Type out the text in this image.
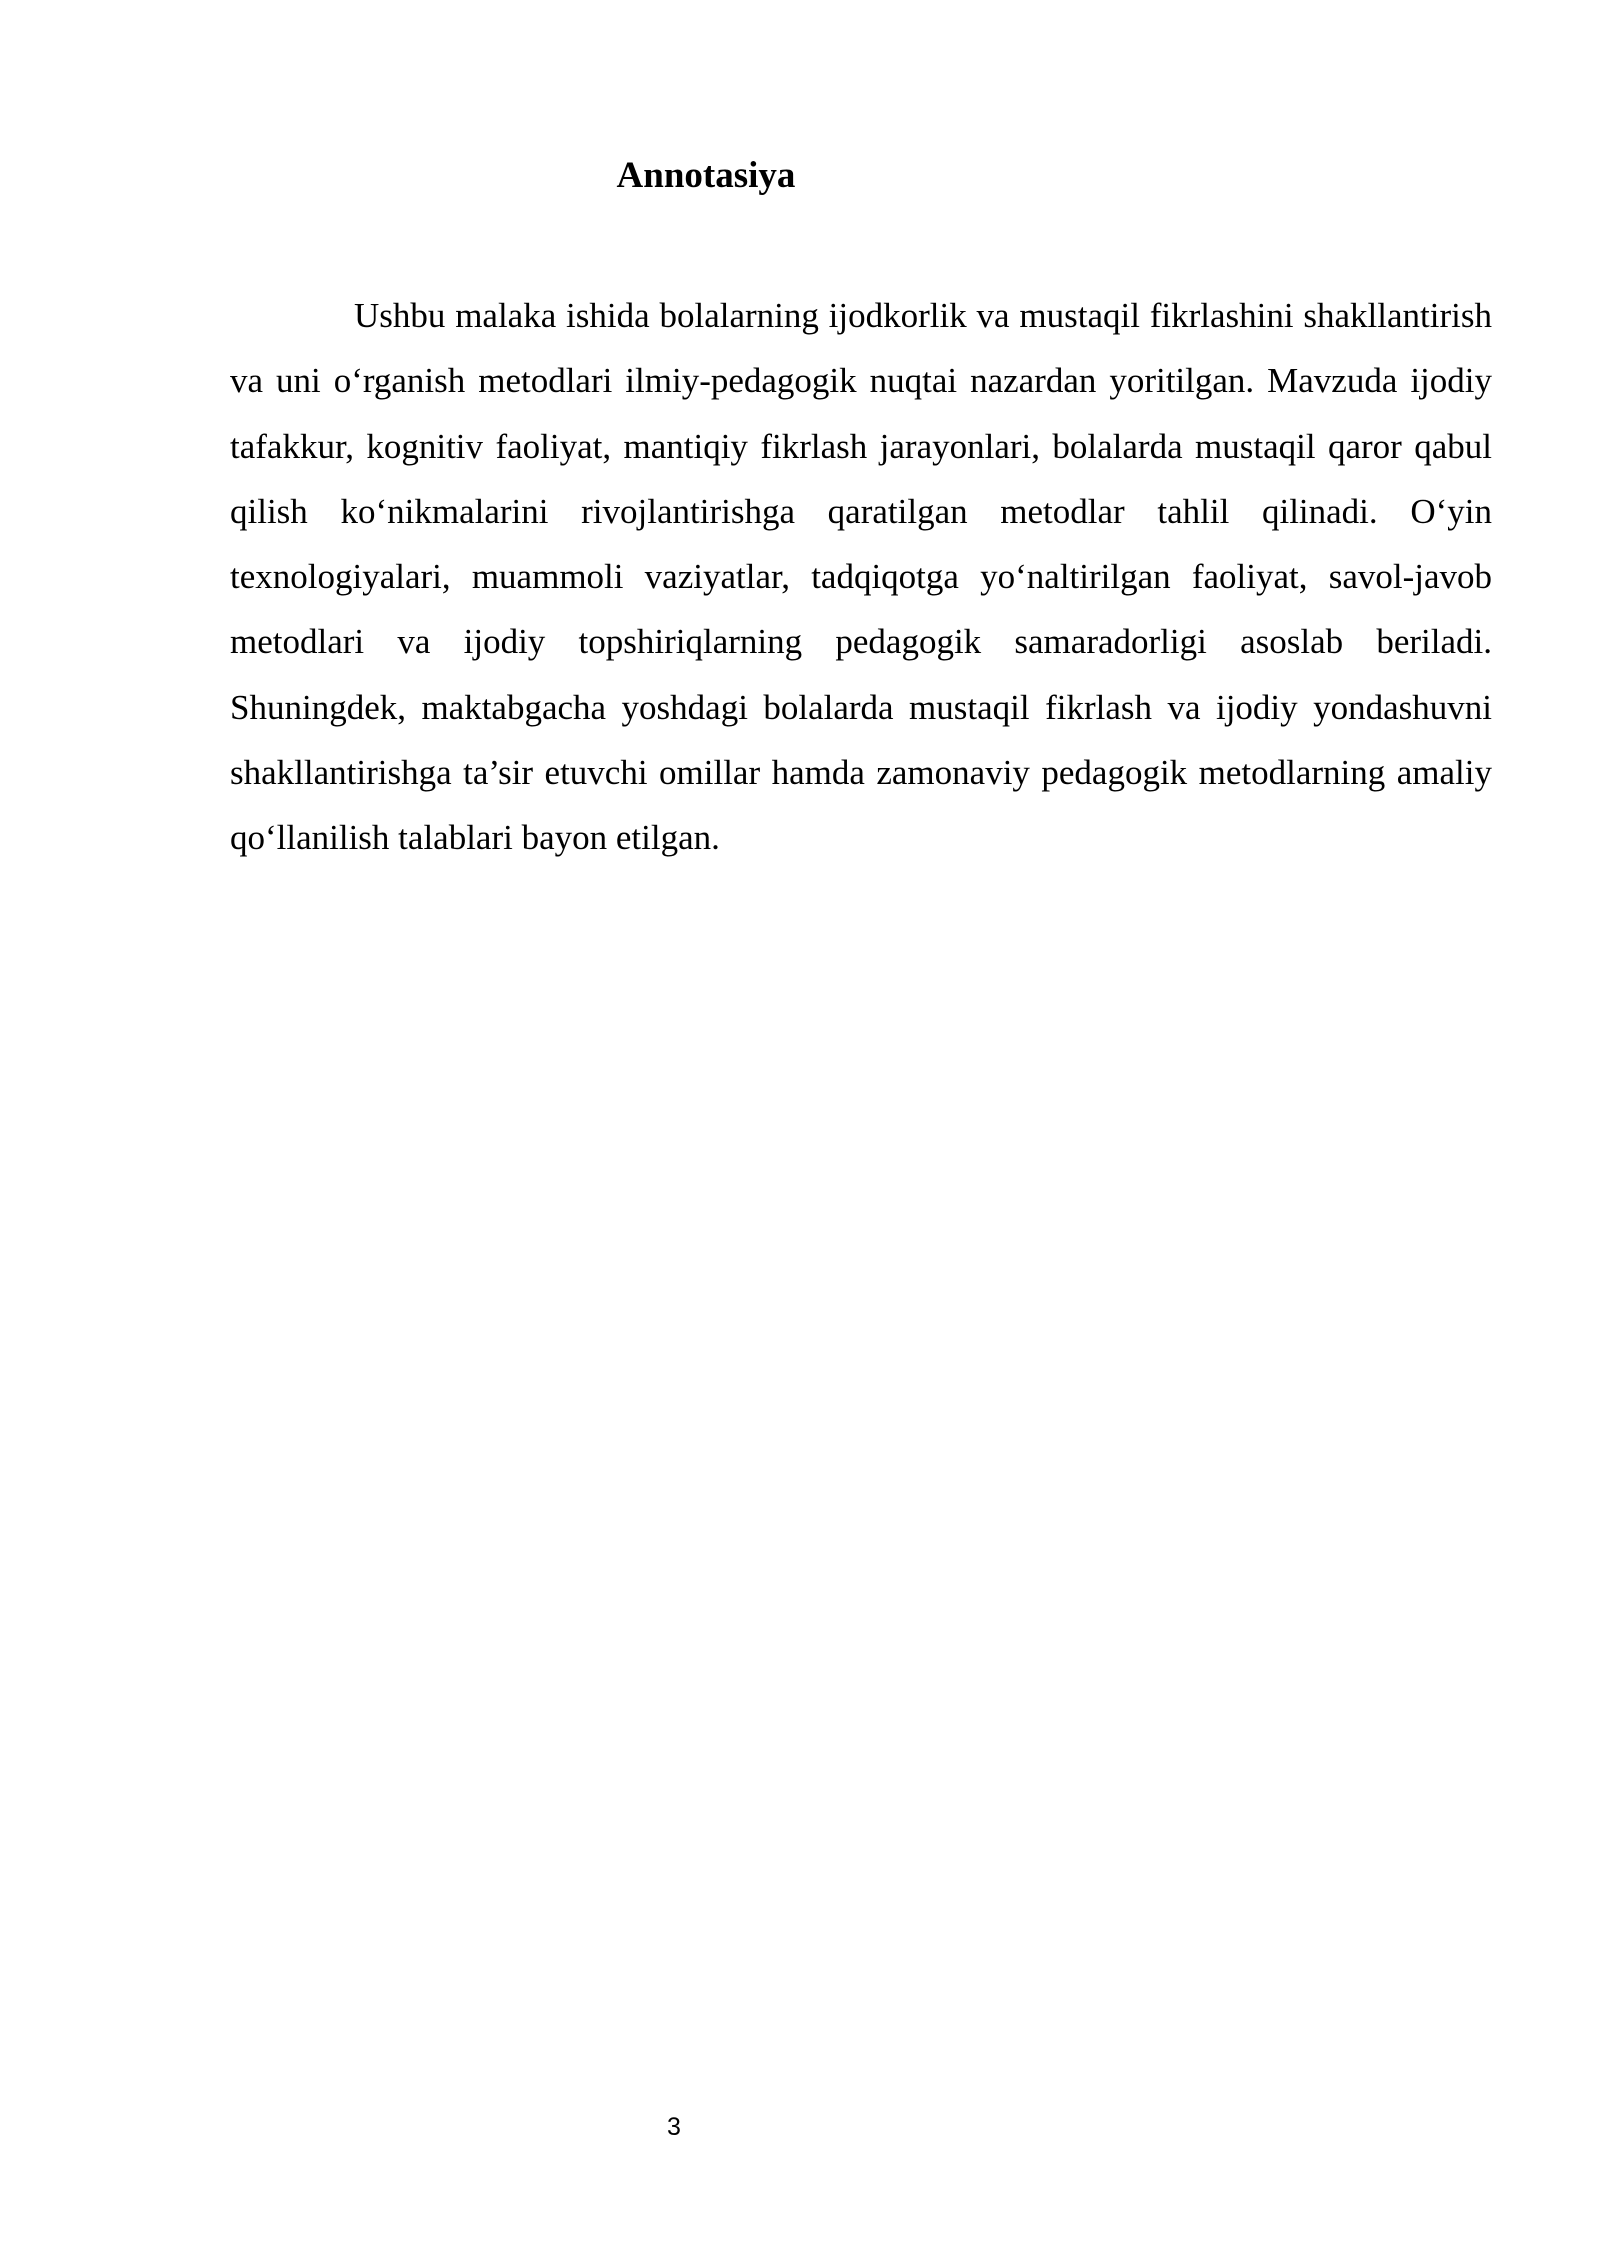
Annotasiya

Ushbu malaka ishida bolalarning ijodkorlik va mustaqil fikrlashini shakllantirish va uni o‘rganish metodlari ilmiy-pedagogik nuqtai nazardan yoritilgan. Mavzuda ijodiy tafakkur, kognitiv faoliyat, mantiqiy fikrlash jarayonlari, bolalarda mustaqil qaror qabul qilish ko‘nikmalarini rivojlantirishga qaratilgan metodlar tahlil qilinadi. O‘yin texnologiyalari, muammoli vaziyatlar, tadqiqotga yo‘naltirilgan faoliyat, savol-javob metodlari va ijodiy topshiriqlarning pedagogik samaradorligi asoslab beriladi. Shuningdek, maktabgacha yoshdagi bolalarda mustaqil fikrlash va ijodiy yondashuvni shakllantirishga ta’sir etuvchi omillar hamda zamonaviy pedagogik metodlarning amaliy qo‘llanilish talablari bayon etilgan.

3
